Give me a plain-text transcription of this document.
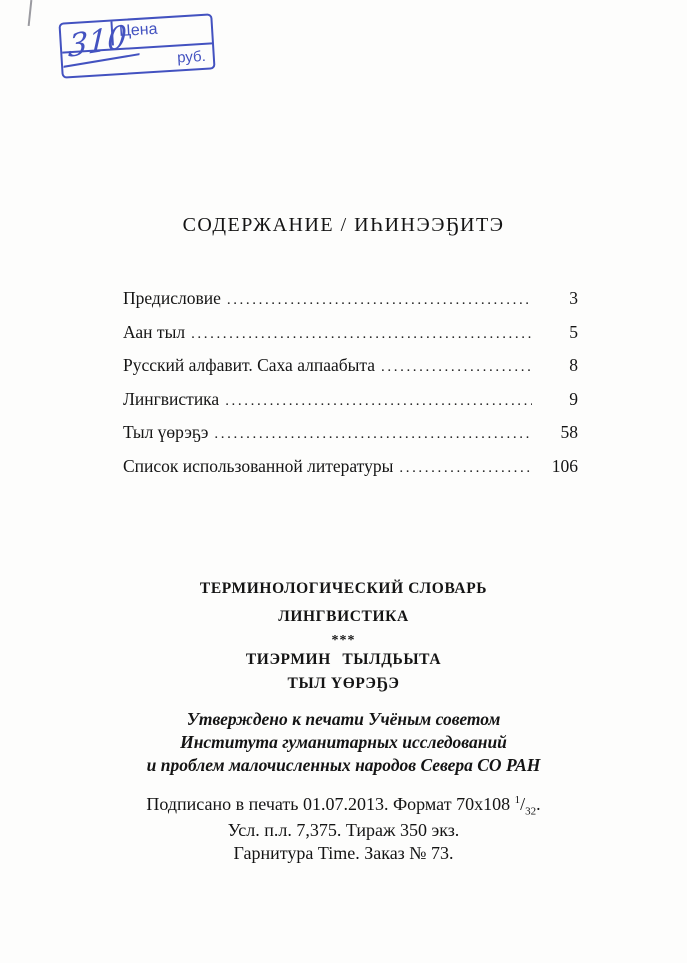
Цена
руб.
310
СОДЕРЖАНИЕ / ИҺИНЭЭҔИТЭ
Предисловие .....	3
Аан тыл .....	5
Русский алфавит. Саха алпаабыта .....	8
Лингвистика .....	9
Тыл үөрэҕэ .....	58
Список использованной литературы .....	106
ТЕРМИНОЛОГИЧЕСКИЙ СЛОВАРЬ
ЛИНГВИСТИКА
***
ТИЭРМИН ТЫЛДЬЫТА
ТЫЛ ҮӨРЭҔЭ
Утверждено к печати Учёным советом
Института гуманитарных исследований
и проблем малочисленных народов Севера СО РАН
Подписано в печать 01.07.2013. Формат 70x108 $^1/_{32}$.
Усл. п.л. 7,375. Тираж 350 экз.
Гарнитура Time. Заказ № 73.
